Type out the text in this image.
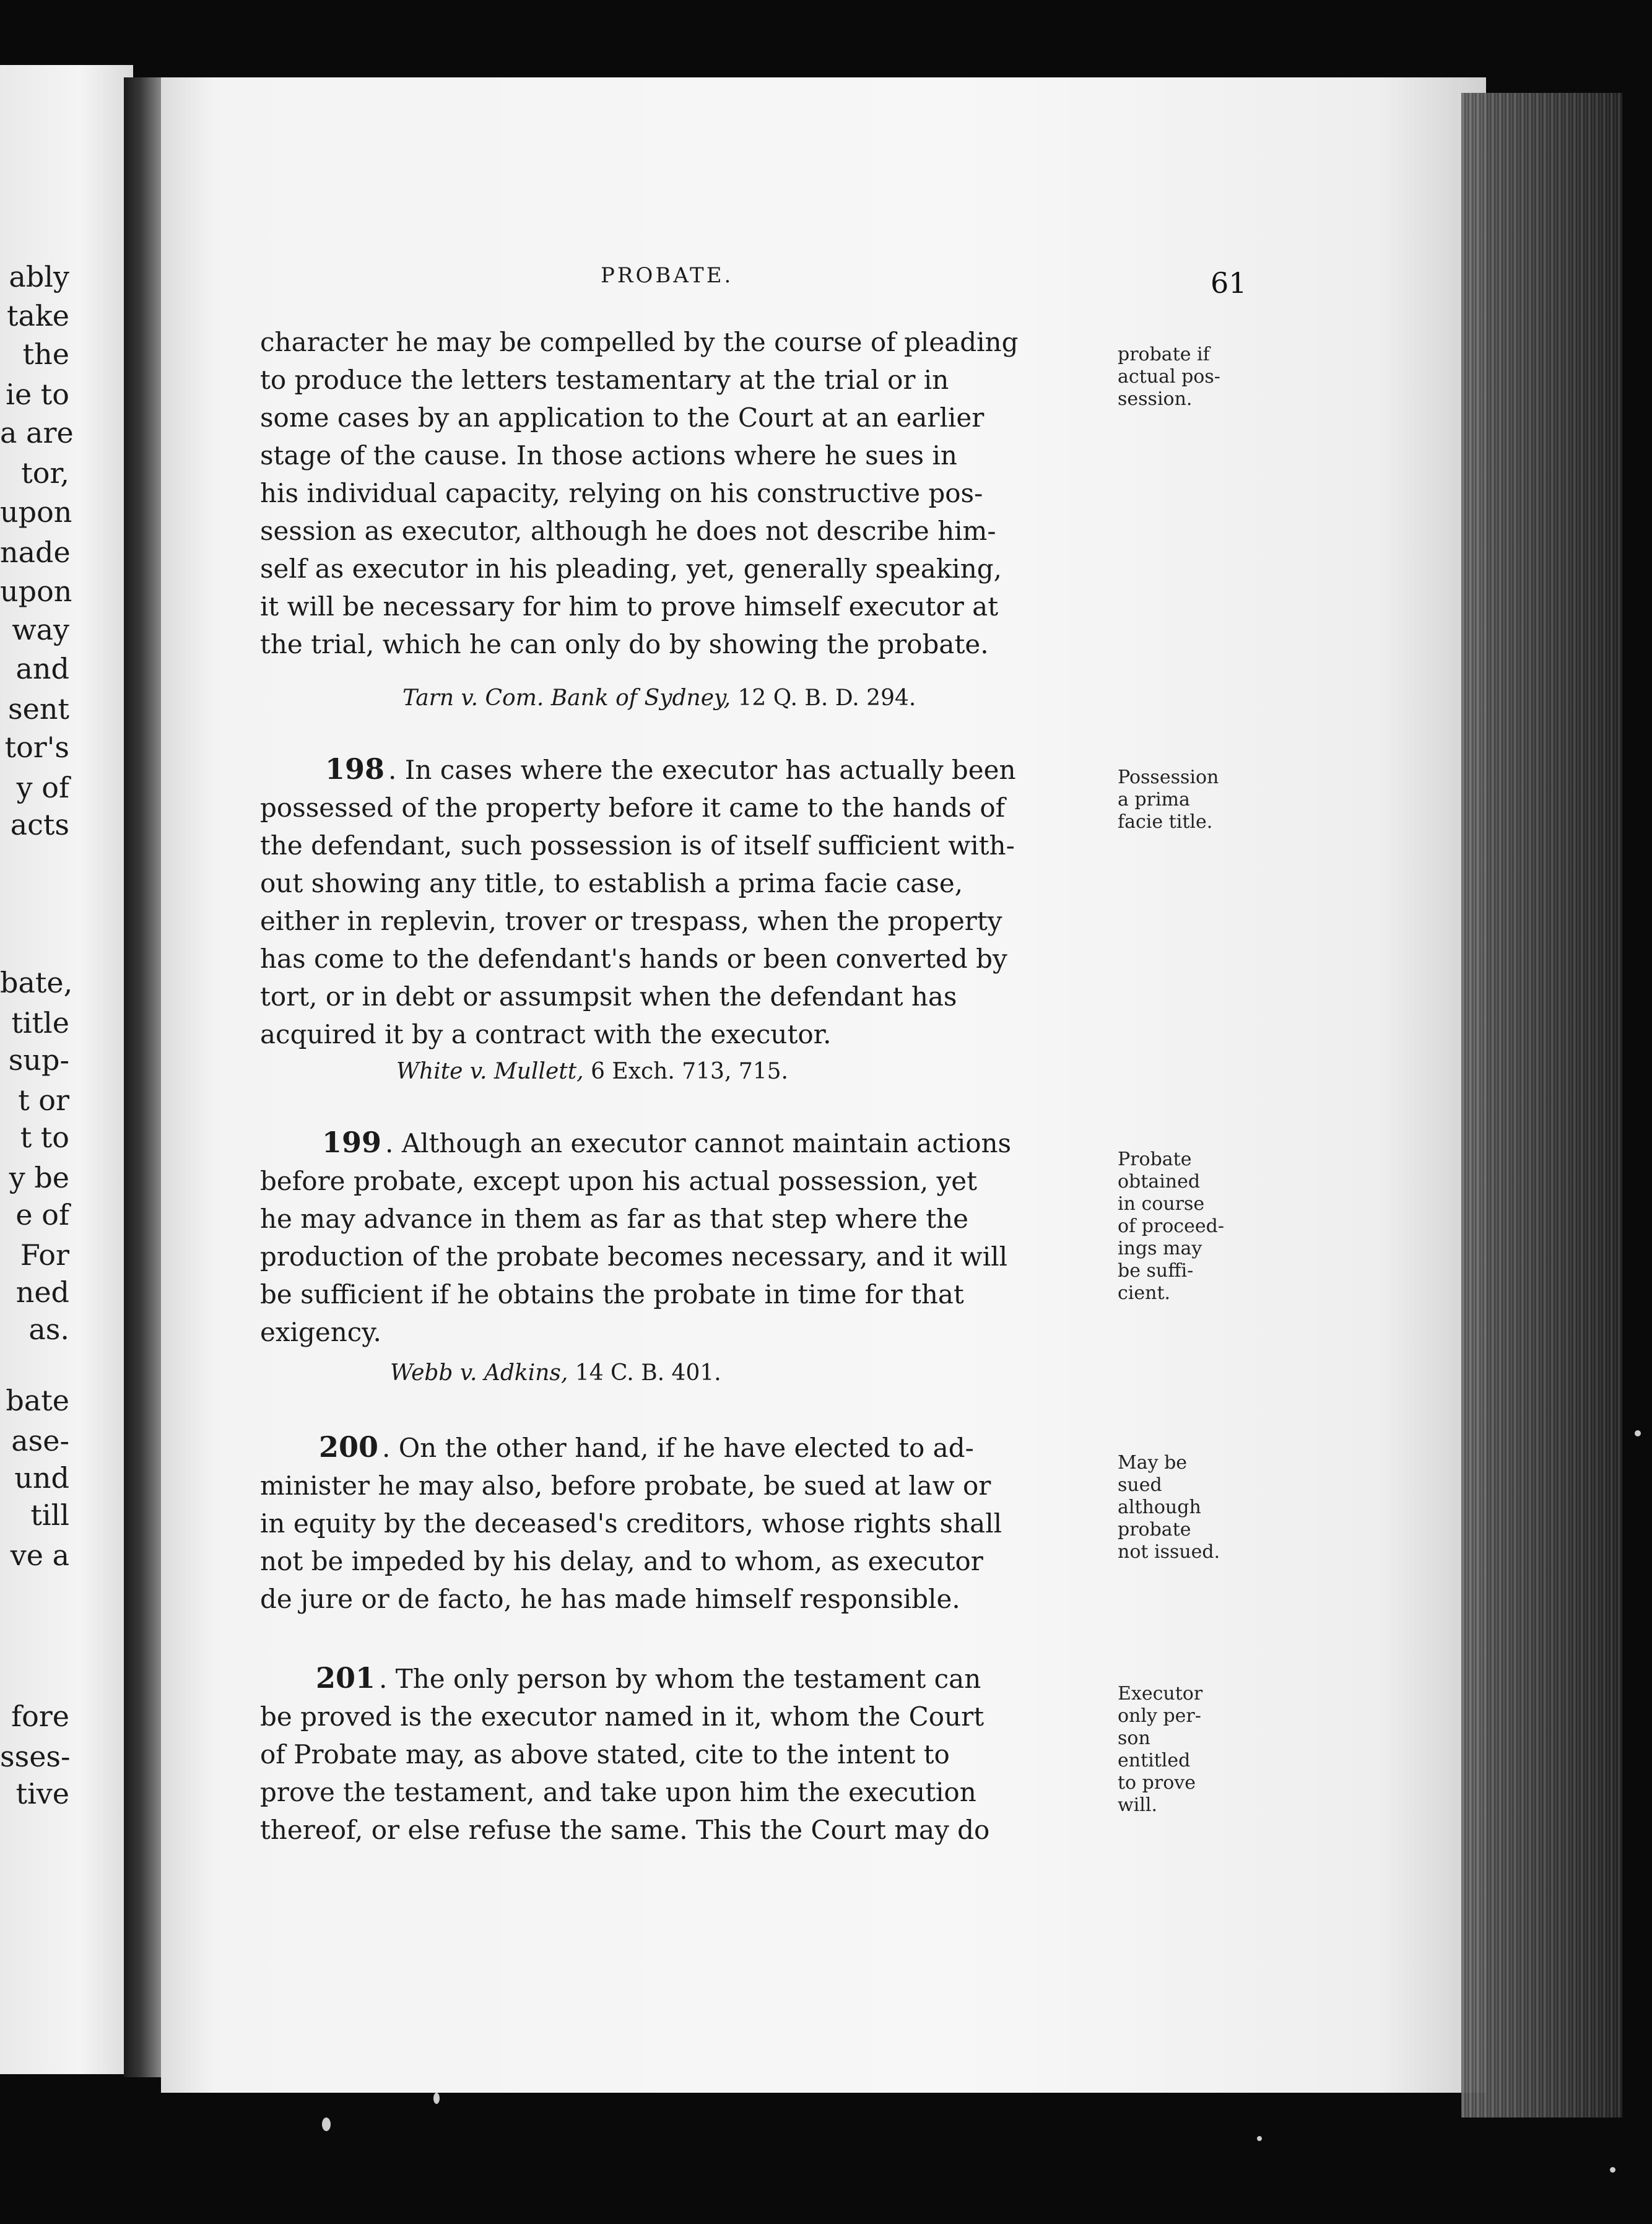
ably
take
the
ie to
a are
tor,
upon
nade
upon
way
and
sent
tor's
y of
acts
bate,
title
sup-
t or
t to
y be
e of
For
ned
as.
bate
ase-
und
till
ve a
fore
sses-
tive
PROBATE.	61
character he may be compelled by the course of pleading
to produce the letters testamentary at the trial or in
some cases by an application to the Court at an earlier
stage of the cause. In those actions where he sues in
his individual capacity, relying on his constructive pos-
session as executor, although he does not describe him-
self as executor in his pleading, yet, generally speaking,
it will be necessary for him to prove himself executor at
the trial, which he can only do by showing the probate.
Tarn v. Com. Bank of Sydney, 12 Q. B. D. 294.
probate if
actual pos-
session.
198 . In cases where the executor has actually been
possessed of the property before it came to the hands of
the defendant, such possession is of itself sufficient with-
out showing any title, to establish a prima facie case,
either in replevin, trover or trespass, when the property
has come to the defendant's hands or been converted by
tort, or in debt or assumpsit when the defendant has
acquired it by a contract with the executor.
White v. Mullett, 6 Exch. 713, 715.
Possession
a prima
facie title.
199 . Although an executor cannot maintain actions
before probate, except upon his actual possession, yet
he may advance in them as far as that step where the
production of the probate becomes necessary, and it will
be sufficient if he obtains the probate in time for that
exigency.
Webb v. Adkins, 14 C. B. 401.
Probate
obtained
in course
of proceed-
ings may
be suffi-
cient.
200 . On the other hand, if he have elected to ad-
minister he may also, before probate, be sued at law or
in equity by the deceased's creditors, whose rights shall
not be impeded by his delay, and to whom, as executor
de jure or de facto, he has made himself responsible.
May be
sued
although
probate
not issued.
201 . The only person by whom the testament can
be proved is the executor named in it, whom the Court
of Probate may, as above stated, cite to the intent to
prove the testament, and take upon him the execution
thereof, or else refuse the same. This the Court may do
Executor
only per-
son
entitled
to prove
will.
